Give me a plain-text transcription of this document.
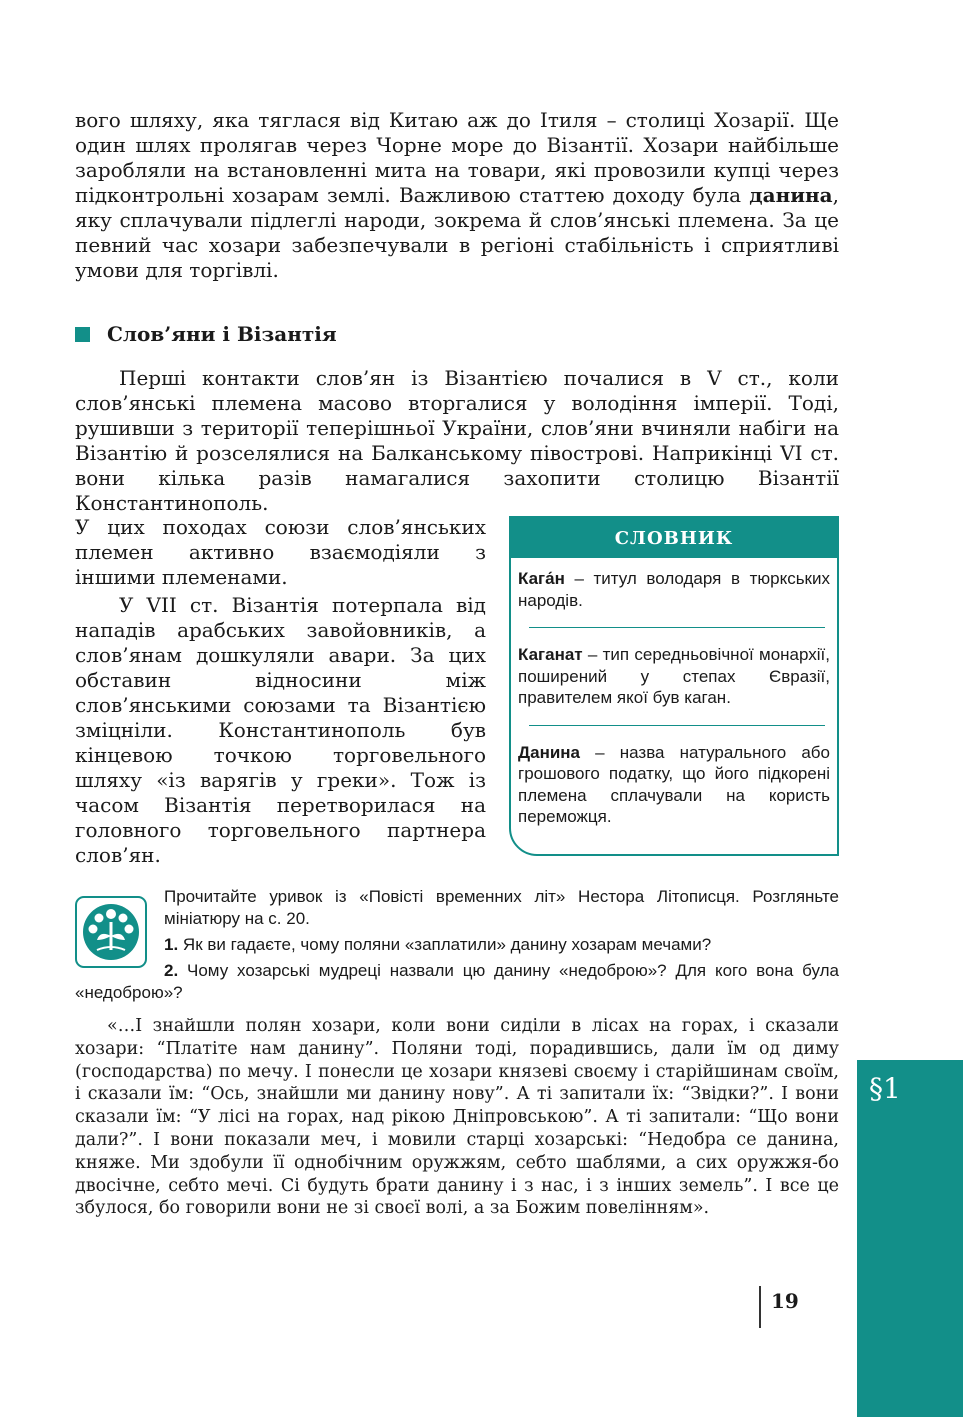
вого шляху, яка тяглася від Китаю аж до Ітиля – столиці Хозарії. Ще один шлях пролягав через Чорне море до Візантії. Хозари найбільше заробляли на встановленні мита на товари, які провозили купці через підконтрольні хозарам землі. Важливою статтею доходу була данина, яку сплачували підлеглі народи, зокрема й слов’янські племена. За це певний час хозари забезпечували в регіоні стабільність і сприятливі умови для торгівлі.

Слов’яни і Візантія

Перші контакти слов’ян із Візантією почалися в V ст., коли слов’янські племена масово вторгалися у володіння імперії. Тоді, рушивши з території теперішньої України, слов’яни вчиняли набіги на Візантію й розселялися на Балканському півострові. Наприкінці VI ст. вони кілька разів намагалися захопити столицю Візантії Константинополь.

У цих походах союзи слов’янських племен активно взаємодіяли з іншими племенами.

У VII ст. Візантія потерпала від нападів арабських завойовників, а слов’янам дошкуляли авари. За цих обставин відносини між слов’янськими союзами та Візантією зміцніли. Константинополь був кінцевою точкою торговельного шляху «із варягів у греки». Тож із часом Візантія перетворилася на головного торговельного партнера слов’ян.

СЛОВНИК

Кага́н – титул володаря в тюркських народів.

Каганат – тип середньовічної монархії, поширений у степах Євразії, правителем якої був каган.

Данина – назва натурального або грошового податку, що його підкорені племена сплачували на користь переможця.

Прочитайте уривок із «Повісті временних літ» Нестора Літописця. Розгляньте мініатюру на с. 20.

1. Як ви гадаєте, чому поляни «заплатили» данину хозарам мечами?

2. Чому хозарські мудреці назвали цю данину «недоброю»? Для кого вона була «недоброю»?

«…І знайшли полян хозари, коли вони сиділи в лісах на горах, і сказали хозари: “Платіте нам данину”. Поляни тоді, порадившись, дали їм од диму (господарства) по мечу. І понесли це хозари князеві своєму і старійшинам своїм, і сказали їм: “Ось, знайшли ми данину нову”. А ті запитали їх: “Звідки?”. І вони сказали їм: “У лісі на горах, над рікою Дніпровською”. А ті запитали: “Що вони дали?”. І вони показали меч, і мовили старці хозарські: “Недобра се данина, княже. Ми здобули її однобічним оружжям, себто шаблями, а сих оружжя-бо двосічне, себто мечі. Сі будуть брати данину і з нас, і з інших земель”. І все це збулося, бо говорили вони не зі своєї волі, а за Божим повелінням».

19
§1
